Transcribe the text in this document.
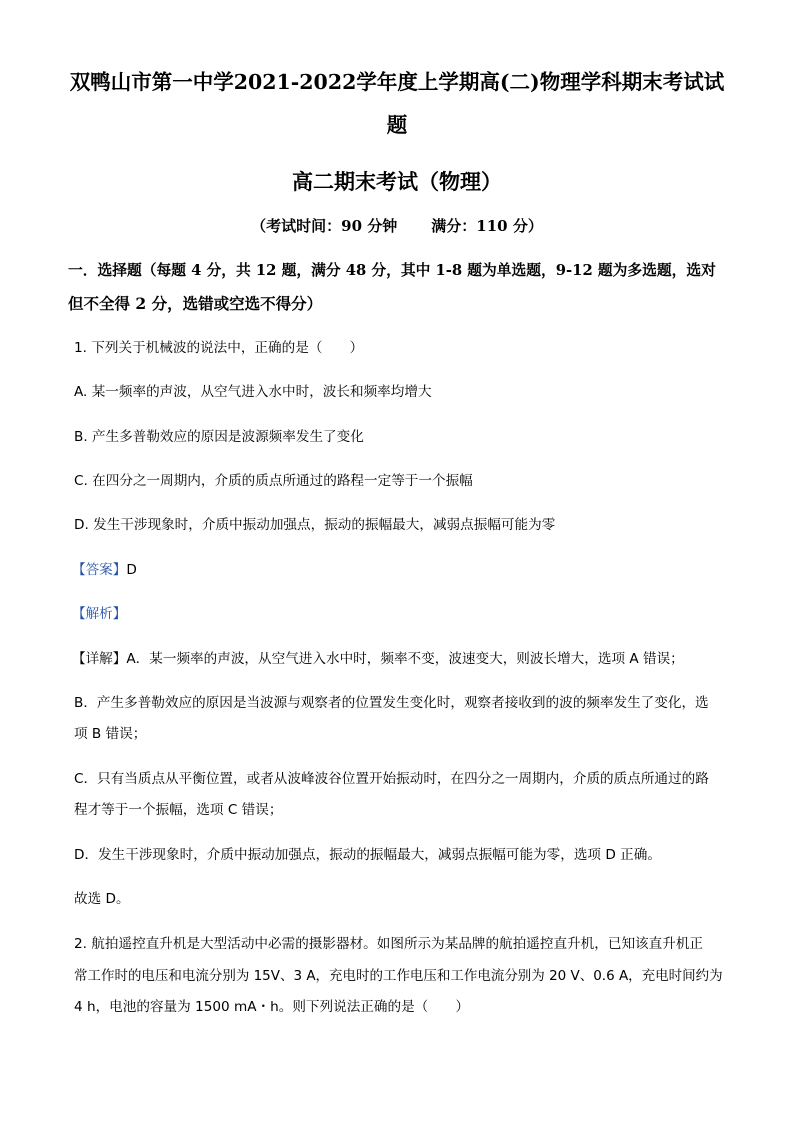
双鸭山市第一中学2021-2022学年度上学期高(二)物理学科期末考试试
题
高二期末考试（物理）
（考试时间：90 分钟 满分：110 分）
一．选择题（每题 4 分，共 12 题，满分 48 分，其中 1-8 题为单选题，9-12 题为多选题，选对
但不全得 2 分，选错或空选不得分）
1. 下列关于机械波的说法中，正确的是（　　）
A. 某一频率的声波，从空气进入水中时，波长和频率均增大
B. 产生多普勒效应的原因是波源频率发生了变化
C. 在四分之一周期内，介质的质点所通过的路程一定等于一个振幅
D. 发生干涉现象时，介质中振动加强点，振动的振幅最大，减弱点振幅可能为零
【答案】D
【解析】
【详解】A．某一频率的声波，从空气进入水中时，频率不变，波速变大，则波长增大，选项 A 错误；
B．产生多普勒效应的原因是当波源与观察者的位置发生变化时，观察者接收到的波的频率发生了变化，选
项 B 错误；
C．只有当质点从平衡位置，或者从波峰波谷位置开始振动时，在四分之一周期内，介质的质点所通过的路
程才等于一个振幅，选项 C 错误；
D．发生干涉现象时，介质中振动加强点，振动的振幅最大，减弱点振幅可能为零，选项 D 正确。
故选 D。
2. 航拍遥控直升机是大型活动中必需的摄影器材。如图所示为某品牌的航拍遥控直升机，已知该直升机正
常工作时的电压和电流分别为 15V、3 A，充电时的工作电压和工作电流分别为 20 V、0.6 A，充电时间约为
4 h，电池的容量为 1500 mA・h。则下列说法正确的是（　　）
